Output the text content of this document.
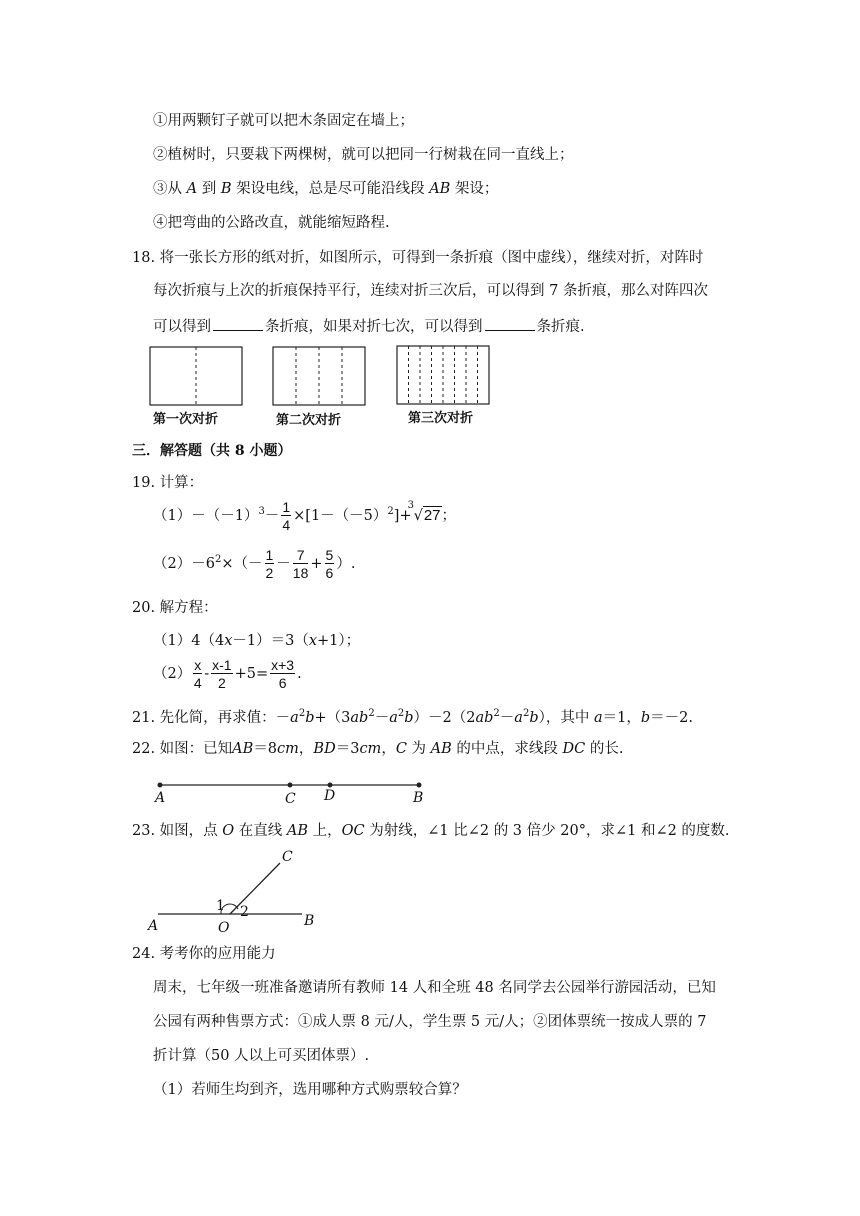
①用两颗钉子就可以把木条固定在墙上；
②植树时，只要栽下两棵树，就可以把同一行树栽在同一直线上；
③从 A 到 B 架设电线，总是尽可能沿线段 AB 架设；
④把弯曲的公路改直，就能缩短路程.
18. 将一张长方形的纸对折，如图所示，可得到一条折痕（图中虚线），继续对折，对阵时
每次折痕与上次的折痕保持平行，连续对折三次后，可以得到 7 条折痕，那么对阵四次
可以得到	条折痕，如果对折七次，可以得到	条折痕.
第一次对折	第二次对折	第三次对折
三．解答题（共 8 小题）
19. 计算：
$(1)-(-1)^3- \frac{1}{4} \times[1-(-5)^2]+$
3
√27；
$(2)-6^2\times(- \frac{1}{2} - \frac{7}{18} + \frac{5}{6}$ ）.
20. 解方程：
（1）4（4x－1）＝3（x+1）；
$(2) \frac{x}{4} - \frac{x-1}{2} +5= \frac{x+3}{6}$ .
21. 先化简，再求值：$-a^2b+(3ab^2-a^2b)-2(2ab^2-a^2b)$，其中 a＝1，b＝－2.
22. 如图：已知AB＝8cm，BD＝3cm，C 为 AB 的中点，求线段 DC 的长.
A	C D	B
23. 如图，点 O 在直线 AB 上，OC 为射线，∠1 比∠2 的 3 倍少 20°，求∠1 和∠2 的度数.
C
1 2
A	O	B
24. 考考你的应用能力
周末，七年级一班准备邀请所有教师 14 人和全班 48 名同学去公园举行游园活动，已知
公园有两种售票方式：①成人票 8 元/人，学生票 5 元/人；②团体票统一按成人票的 7
折计算（50 人以上可买团体票）.
（1）若师生均到齐，选用哪种方式购票较合算？
